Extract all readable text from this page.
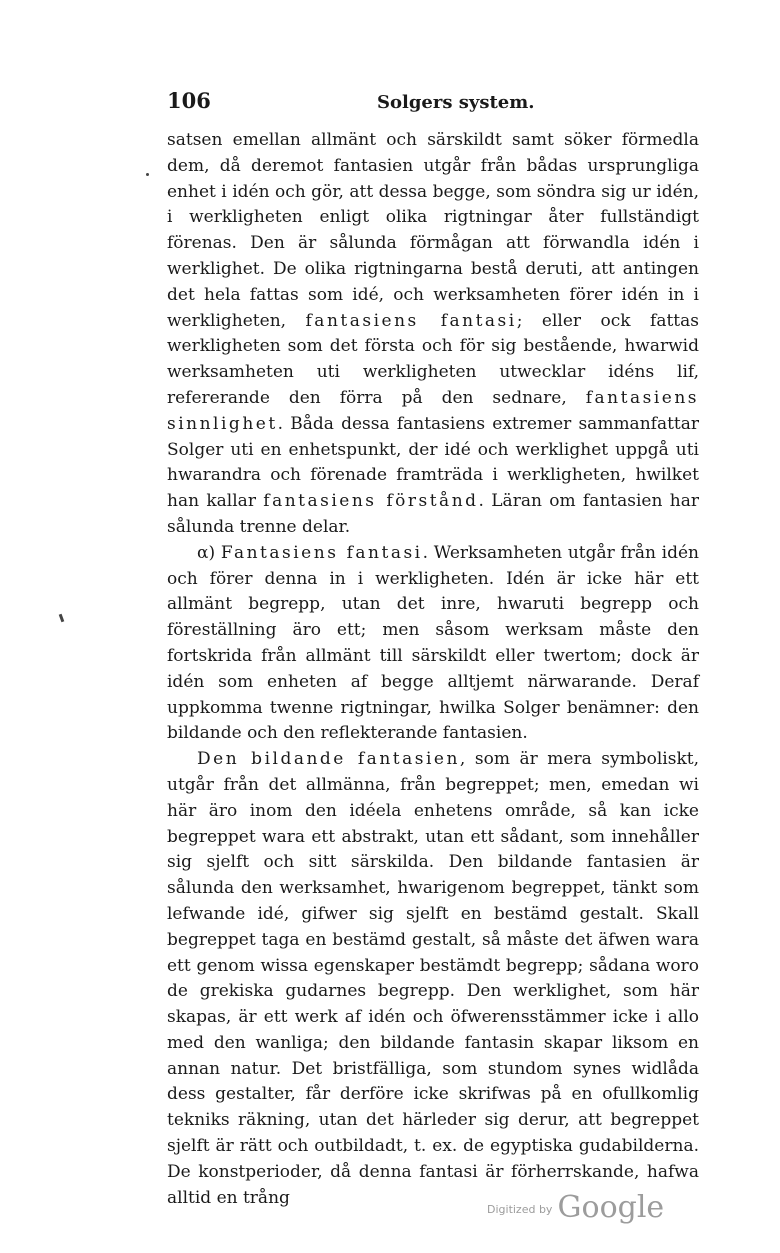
106	Solgers system.

satsen emellan allmänt och särskildt samt söker förmedla dem, då deremot fantasien utgår från bådas ursprungliga enhet i idén och gör, att dessa begge, som söndra sig ur idén, i werkligheten enligt olika rigtningar åter fullständigt förenas. Den är sålunda förmågan att förwandla idén i werklighet. De olika rigtningarna bestå deruti, att antingen det hela fattas som idé, och werksamheten förer idén in i werkligheten, fantasiens fantasi; eller ock fattas werkligheten som det första och för sig bestående, hwarwid werksamheten uti werkligheten utwecklar idéns lif, refererande den förra på den sednare, fantasiens sinnlighet. Båda dessa fantasiens extremer sammanfattar Solger uti en enhetspunkt, der idé och werklighet uppgå uti hwarandra och förenade framträda i werkligheten, hwilket han kallar fantasiens förstånd. Läran om fantasien har sålunda trenne delar.

α) Fantasiens fantasi. Werksamheten utgår från idén och förer denna in i werkligheten. Idén är icke här ett allmänt begrepp, utan det inre, hwaruti begrepp och föreställning äro ett; men såsom werksam måste den fortskrida från allmänt till särskildt eller twertom; dock är idén som enheten af begge alltjemt närwarande. Deraf uppkomma twenne rigtningar, hwilka Solger benämner: den bildande och den reflekterande fantasien.

Den bildande fantasien, som är mera symboliskt, utgår från det allmänna, från begreppet; men, emedan wi här äro inom den idéela enhetens område, så kan icke begreppet wara ett abstrakt, utan ett sådant, som innehåller sig sjelft och sitt särskilda. Den bildande fantasien är sålunda den werksamhet, hwarigenom begreppet, tänkt som lefwande idé, gifwer sig sjelft en bestämd gestalt. Skall begreppet taga en bestämd gestalt, så måste det äfwen wara ett genom wissa egenskaper bestämdt begrepp; sådana woro de grekiska gudarnes begrepp. Den werklighet, som här skapas, är ett werk af idén och öfwerensstämmer icke i allo med den wanliga; den bildande fantasin skapar liksom en annan natur. Det bristfälliga, som stundom synes widlåda dess gestalter, får derföre icke skrifwas på en ofullkomlig tekniks räkning, utan det härleder sig derur, att begreppet sjelft är rätt och outbildadt, t. ex. de egyptiska gudabilderna. De konstperioder, då denna fantasi är förherrskande, hafwa alltid en trång

$^{Digitized by}$ Google
